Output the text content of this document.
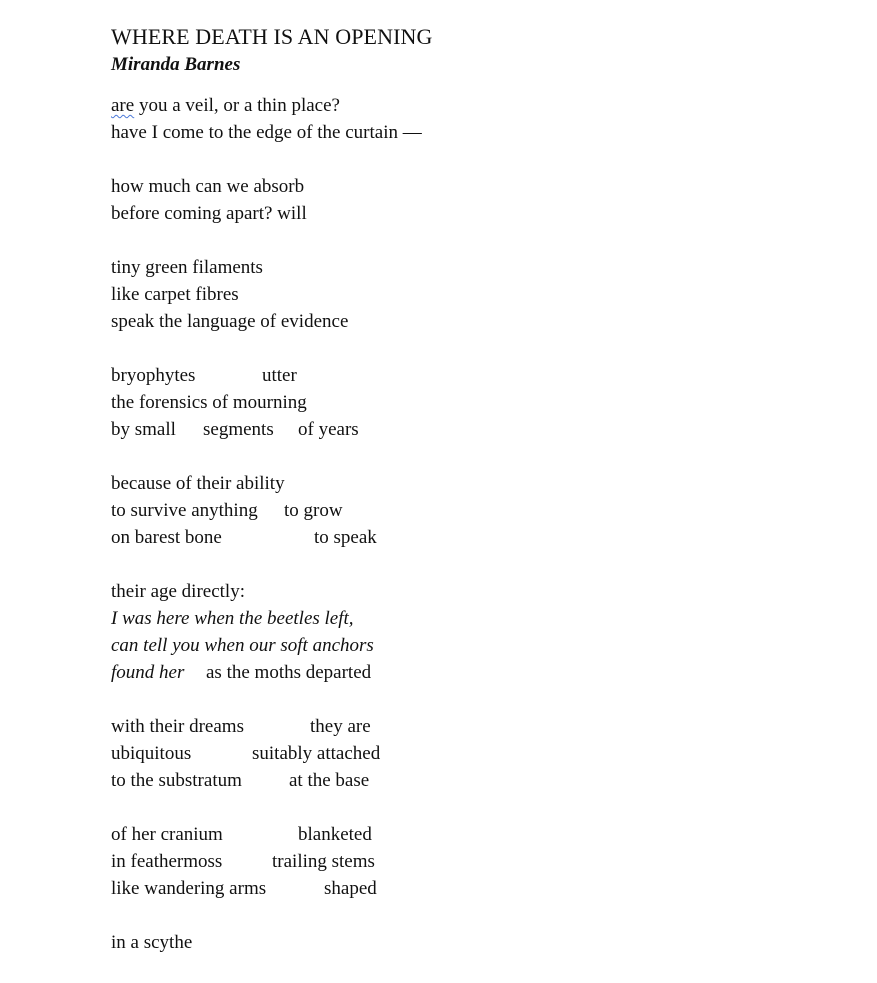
WHERE DEATH IS AN OPENING
Miranda Barnes
are you a veil, or a thin place?
have I come to the edge of the curtain —
how much can we absorb
before coming apart? will
tiny green filaments
like carpet fibres
speak the language of evidence
bryophytes	utter
the forensics of mourning
by small segments of years
because of their ability
to survive anything to grow
on barest bone	to speak
their age directly:
I was here when the beetles left,
can tell you when our soft anchors
found her as the moths departed
with their dreams	they are
ubiquitous	suitably attached
to the substratum at the base
of her cranium	blanketed
in feathermoss	trailing stems
like wandering arms	shaped
in a scythe
